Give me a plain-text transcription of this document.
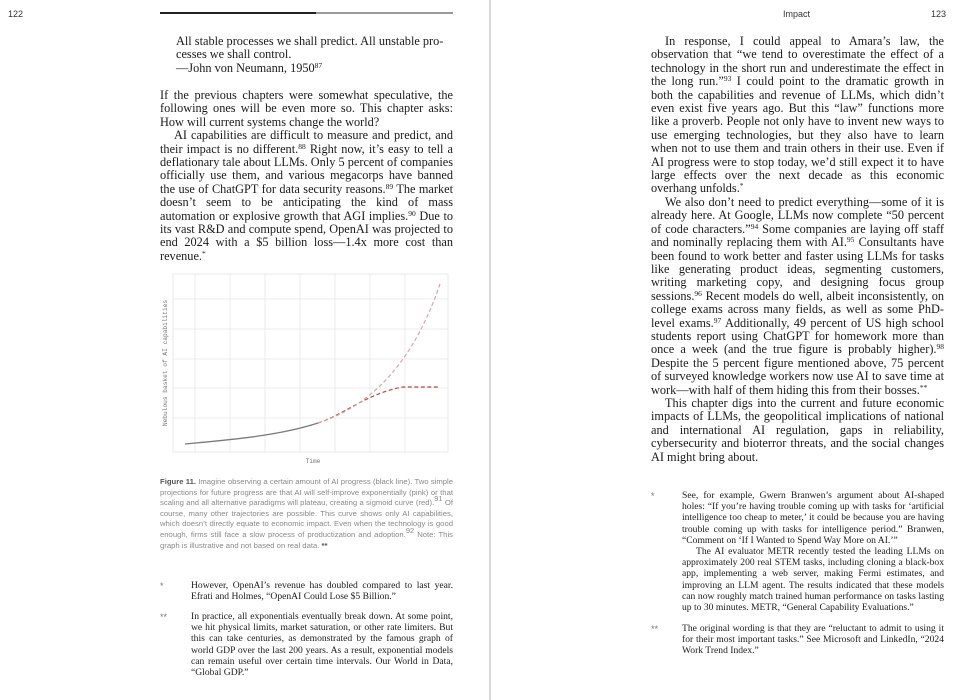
122
All stable processes we shall predict. All unstable pro-
cesses we shall control.
—John von Neumann, 1950$^{87}$

If the previous chapters were somewhat speculative, the following ones will be even more so. This chapter asks: How will current systems change the world?

AI capabilities are difficult to measure and predict, and their impact is no different.$^{88}$ Right now, it’s easy to tell a deflationary tale about LLMs. Only 5 percent of companies officially use them, and various megacorps have banned the use of ChatGPT for data security reasons.$^{89}$ The market doesn’t seem to be anticipating the kind of mass automation or explosive growth that AGI implies.$^{90}$ Due to its vast R&D and compute spend, OpenAI was projected to end 2024 with a $5 billion loss—1.4x more cost than revenue.*

Nebulous basket of AI capabilities
Time
Figure 11. Imagine observing a certain amount of AI progress (black line). Two simple projections for future progress are that AI will self-improve exponentially (pink) or that scaling and all alternative paradigms will plateau, creating a sigmoid curve (red).$^{91}$ Of course, many other trajectories are possible. This curve shows only AI capabilities, which doesn’t directly equate to economic impact. Even when the technology is good enough, firms still face a slow process of productization and adoption.$^{92}$ Note: This graph is illustrative and not based on real data. **
*	However, OpenAI’s revenue has doubled compared to last year. Efrati and Holmes, “OpenAI Could Lose $5 Billion.”

** In practice, all exponentials eventually break down. At some point, we hit physical limits, market saturation, or other rate limiters. But this can take centuries, as demonstrated by the famous graph of world GDP over the last 200 years. As a result, exponential models can remain useful over certain time intervals. Our World in Data, “Global GDP.”

Impact	123

In response, I could appeal to Amara’s law, the observation that “we tend to overestimate the effect of a technology in the short run and underestimate the effect in the long run.”$^{93}$ I could point to the dramatic growth in both the capabilities and revenue of LLMs, which didn’t even exist five years ago. But this “law” functions more like a proverb. People not only have to invent new ways to use emerging technologies, but they also have to learn when not to use them and train others in their use. Even if AI progress were to stop today, we’d still expect it to have large effects over the next decade as this economic overhang unfolds.*

We also don’t need to predict everything—some of it is already here. At Google, LLMs now complete “50 percent of code characters.”$^{94}$ Some companies are laying off staff and nominally replacing them with AI.$^{95}$ Consultants have been found to work better and faster using LLMs for tasks like generating product ideas, segmenting customers, writing marketing copy, and designing focus group sessions.$^{96}$ Recent models do well, albeit inconsistently, on college exams across many fields, as well as some PhD-level exams.$^{97}$ Additionally, 49 percent of US high school students report using ChatGPT for homework more than once a week (and the true figure is probably higher).$^{98}$ Despite the 5 percent figure mentioned above, 75 percent of surveyed knowledge workers now use AI to save time at work—with half of them hiding this from their bosses.**

This chapter digs into the current and future economic impacts of LLMs, the geopolitical implications of national and international AI regulation, gaps in reliability, cybersecurity and bioterror threats, and the social changes AI might bring about.

*	See, for example, Gwern Branwen’s argument about AI-shaped holes: “If you’re having trouble coming up with tasks for ‘artificial intelligence too cheap to meter,’ it could be because you are having trouble coming up with tasks for intelligence period.” Branwen, “Comment on ‘If I Wanted to Spend Way More on AI.’”

The AI evaluator METR recently tested the leading LLMs on approximately 200 real STEM tasks, including cloning a black-box app, implementing a web server, making Fermi estimates, and improving an LLM agent. The results indicated that these models can now roughly match trained human performance on tasks lasting up to 30 minutes. METR, “General Capability Evaluations.”

** The original wording is that they are “reluctant to admit to using it for their most important tasks.” See Microsoft and LinkedIn, “2024 Work Trend Index.”
